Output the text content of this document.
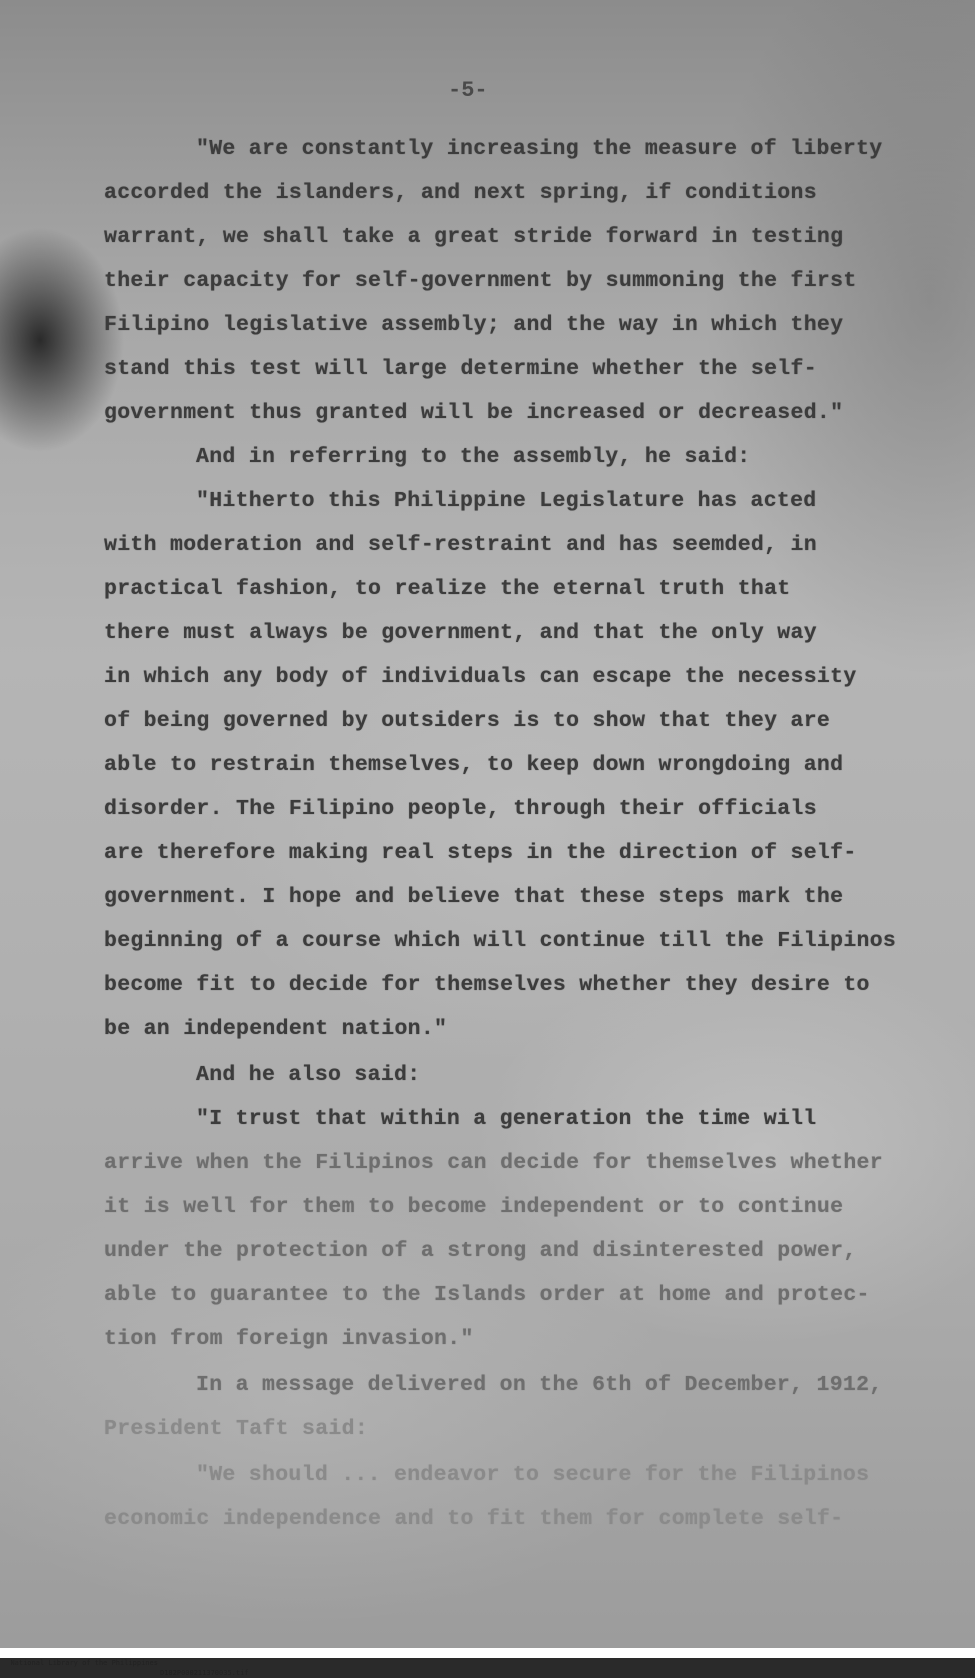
-5-

"We are constantly increasing the measure of liberty

accorded the islanders, and next spring, if conditions

warrant, we shall take a great stride forward in testing

their capacity for self-government by summoning the first

Filipino legislative assembly; and the way in which they

stand this test will large determine whether the self-

government thus granted will be increased or decreased."

And in referring to the assembly, he said:

"Hitherto this Philippine Legislature has acted

with moderation and self-restraint and has seemded, in

practical fashion, to realize the eternal truth that

there must always be government, and that the only way

in which any body of individuals can escape the necessity

of being governed by outsiders is to show that they are

able to restrain themselves, to keep down wrongdoing and

disorder. The Filipino people, through their officials

are therefore making real steps in the direction of self-

government. I hope and believe that these steps mark the

beginning of a course which will continue till the Filipinos

become fit to decide for themselves whether they desire to

be an independent nation."

And he also said:

"I trust that within a generation the time will

arrive when the Filipinos can decide for themselves whether

it is well for them to become independent or to continue

under the protection of a strong and disinterested power,

able to guarantee to the Islands order at home and protec-

tion from foreign invasion."

In a message delivered on the 6th of December, 1912,

President Taft said:

"We should ... endeavor to secure for the Filipinos

economic independence and to fit them for complete self-

National Library of the Philippines

D182P000211370035.tif
